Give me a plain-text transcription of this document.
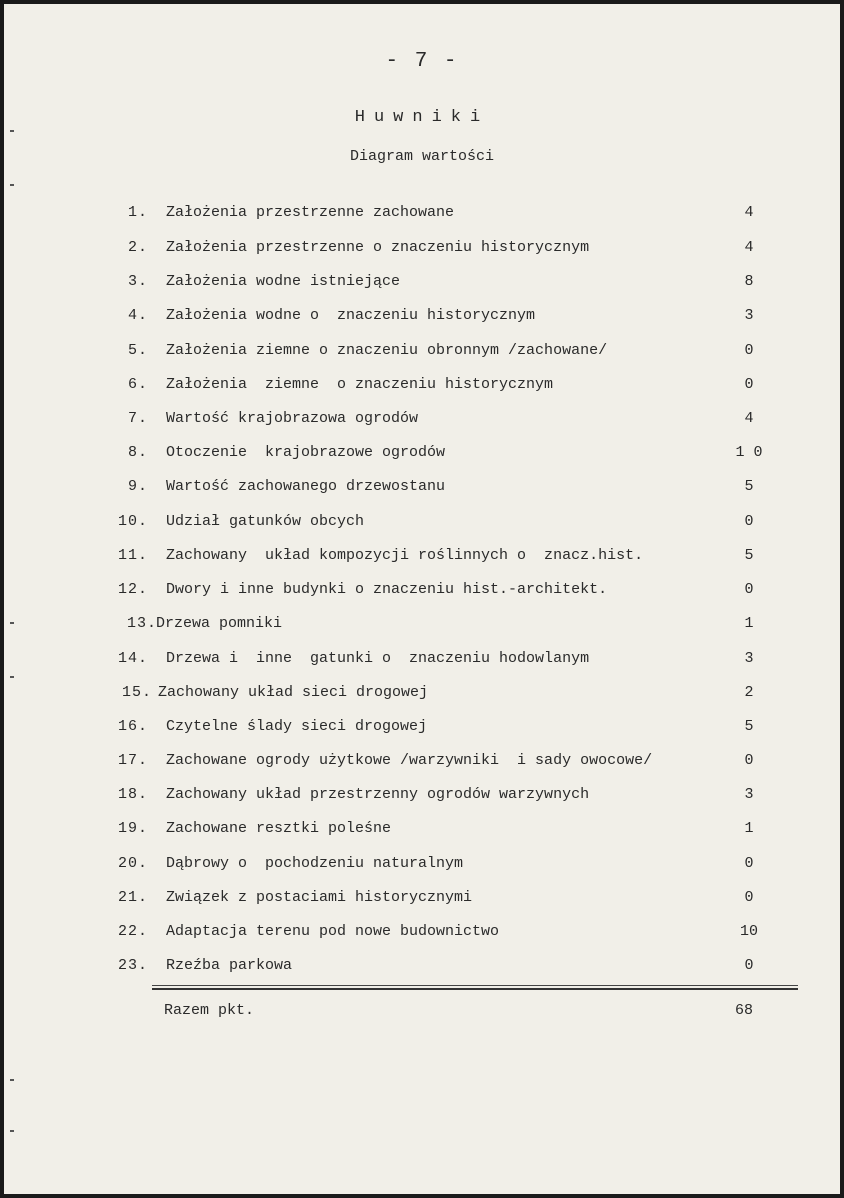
- 7 -
Huwniki
Diagram wartości
1. Założenia przestrzenne zachowane	4
2. Założenia przestrzenne o znaczeniu historycznym	4
3. Założenia wodne istniejące	8
4. Założenia wodne o  znaczeniu historycznym	3
5. Założenia ziemne o znaczeniu obronnym /zachowane/	0
6. Założenia  ziemne  o znaczeniu historycznym	0
7. Wartość krajobrazowa ogrodów	4
8. Otoczenie  krajobrazowe ogrodów	1 0
9. Wartość zachowanego drzewostanu	5
10. Udział gatunków obcych	0
11. Zachowany  układ kompozycji roślinnych o  znacz.hist.	5
12. Dwory i inne budynki o znaczeniu hist.-architekt.	0
13. Drzewa pomniki	1
14. Drzewa i  inne  gatunki o  znaczeniu hodowlanym	3
15. Zachowany układ sieci drogowej	2
16. Czytelne ślady sieci drogowej	5
17. Zachowane ogrody użytkowe /warzywniki  i sady owocowe/	0
18. Zachowany układ przestrzenny ogrodów warzywnych	3
19. Zachowane resztki poleśne	1
20. Dąbrowy o  pochodzeniu naturalnym	0
21. Związek z postaciami historycznymi	0
22. Adaptacja terenu pod nowe budownictwo	10
23. Rzeźba parkowa	0
Razem pkt.	68
